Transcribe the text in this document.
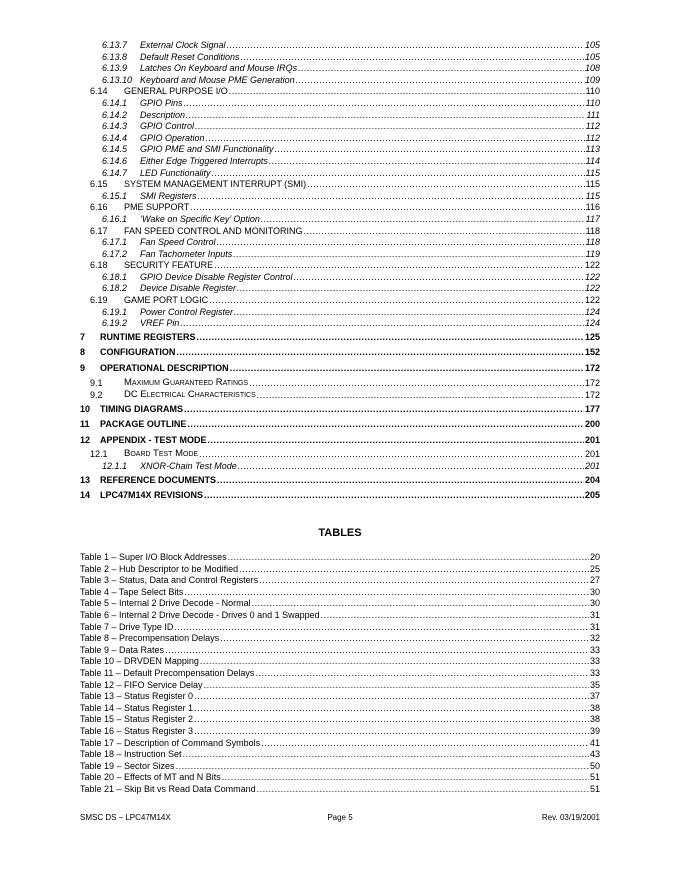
6.13.7	External Clock Signal .....	105
6.13.8	Default Reset Conditions .....	105
6.13.9	Latches On Keyboard and Mouse IRQs .....	108
6.13.10 Keyboard and Mouse PME Generation .....	109
6.14	GENERAL PURPOSE I/O .....	110
6.14.1	GPIO Pins .....	110
6.14.2	Description .....	111
6.14.3	GPIO Control .....	112
6.14.4	GPIO Operation .....	112
6.14.5	GPIO PME and SMI Functionality .....	113
6.14.6	Either Edge Triggered Interrupts .....	114
6.14.7	LED Functionality .....	115
6.15	SYSTEM MANAGEMENT INTERRUPT (SMI) .....	115
6.15.1	SMI Registers .....	115
6.16	PME SUPPORT .....	116
6.16.1	‘Wake on Specific Key’ Option .....	117
6.17	FAN SPEED CONTROL AND MONITORING .....	118
6.17.1	Fan Speed Control .....	118
6.17.2	Fan Tachometer Inputs .....	119
6.18	SECURITY FEATURE .....	122
6.18.1	GPIO Device Disable Register Control .....	122
6.18.2	Device Disable Register .....	122
6.19	GAME PORT LOGIC .....	122
6.19.1	Power Control Register .....	124
6.19.2	VREF Pin .....	124
7	RUNTIME REGISTERS .....	125
8	CONFIGURATION .....	152
9	OPERATIONAL DESCRIPTION .....	172
9.1	Maximum Guaranteed Ratings .....	172
9.2	DC Electrical Characteristics .....	172
10	TIMING DIAGRAMS .....	177
11	PACKAGE OUTLINE .....	200
12	APPENDIX - TEST MODE .....	201
12.1	Board Test Mode .....	201
12.1.1	XNOR-Chain Test Mode .....	201
13	REFERENCE DOCUMENTS .....	204
14	LPC47M14X REVISIONS .....	205
TABLES
Table 1 – Super I/O Block Addresses .....	20
Table 2 – Hub Descriptor to be Modified .....	25
Table 3 – Status, Data and Control Registers .....	27
Table 4 – Tape Select Bits .....	30
Table 5 – Internal 2 Drive Decode - Normal .....	30
Table 6 – Internal 2 Drive Decode - Drives 0 and 1 Swapped .....	31
Table 7 – Drive Type ID .....	31
Table 8 – Precompensation Delays .....	32
Table 9 – Data Rates .....	33
Table 10 – DRVDEN Mapping .....	33
Table 11 – Default Precompensation Delays .....	33
Table 12 – FIFO Service Delay .....	35
Table 13 – Status Register 0 .....	37
Table 14 – Status Register 1 .....	38
Table 15 – Status Register 2 .....	38
Table 16 – Status Register 3 .....	39
Table 17 – Description of Command Symbols .....	41
Table 18 – Instruction Set .....	43
Table 19 – Sector Sizes .....	50
Table 20 – Effects of MT and N Bits .....	51
Table 21 – Skip Bit vs Read Data Command .....	51
SMSC DS – LPC47M14X	Page 5	Rev. 03/19/2001
